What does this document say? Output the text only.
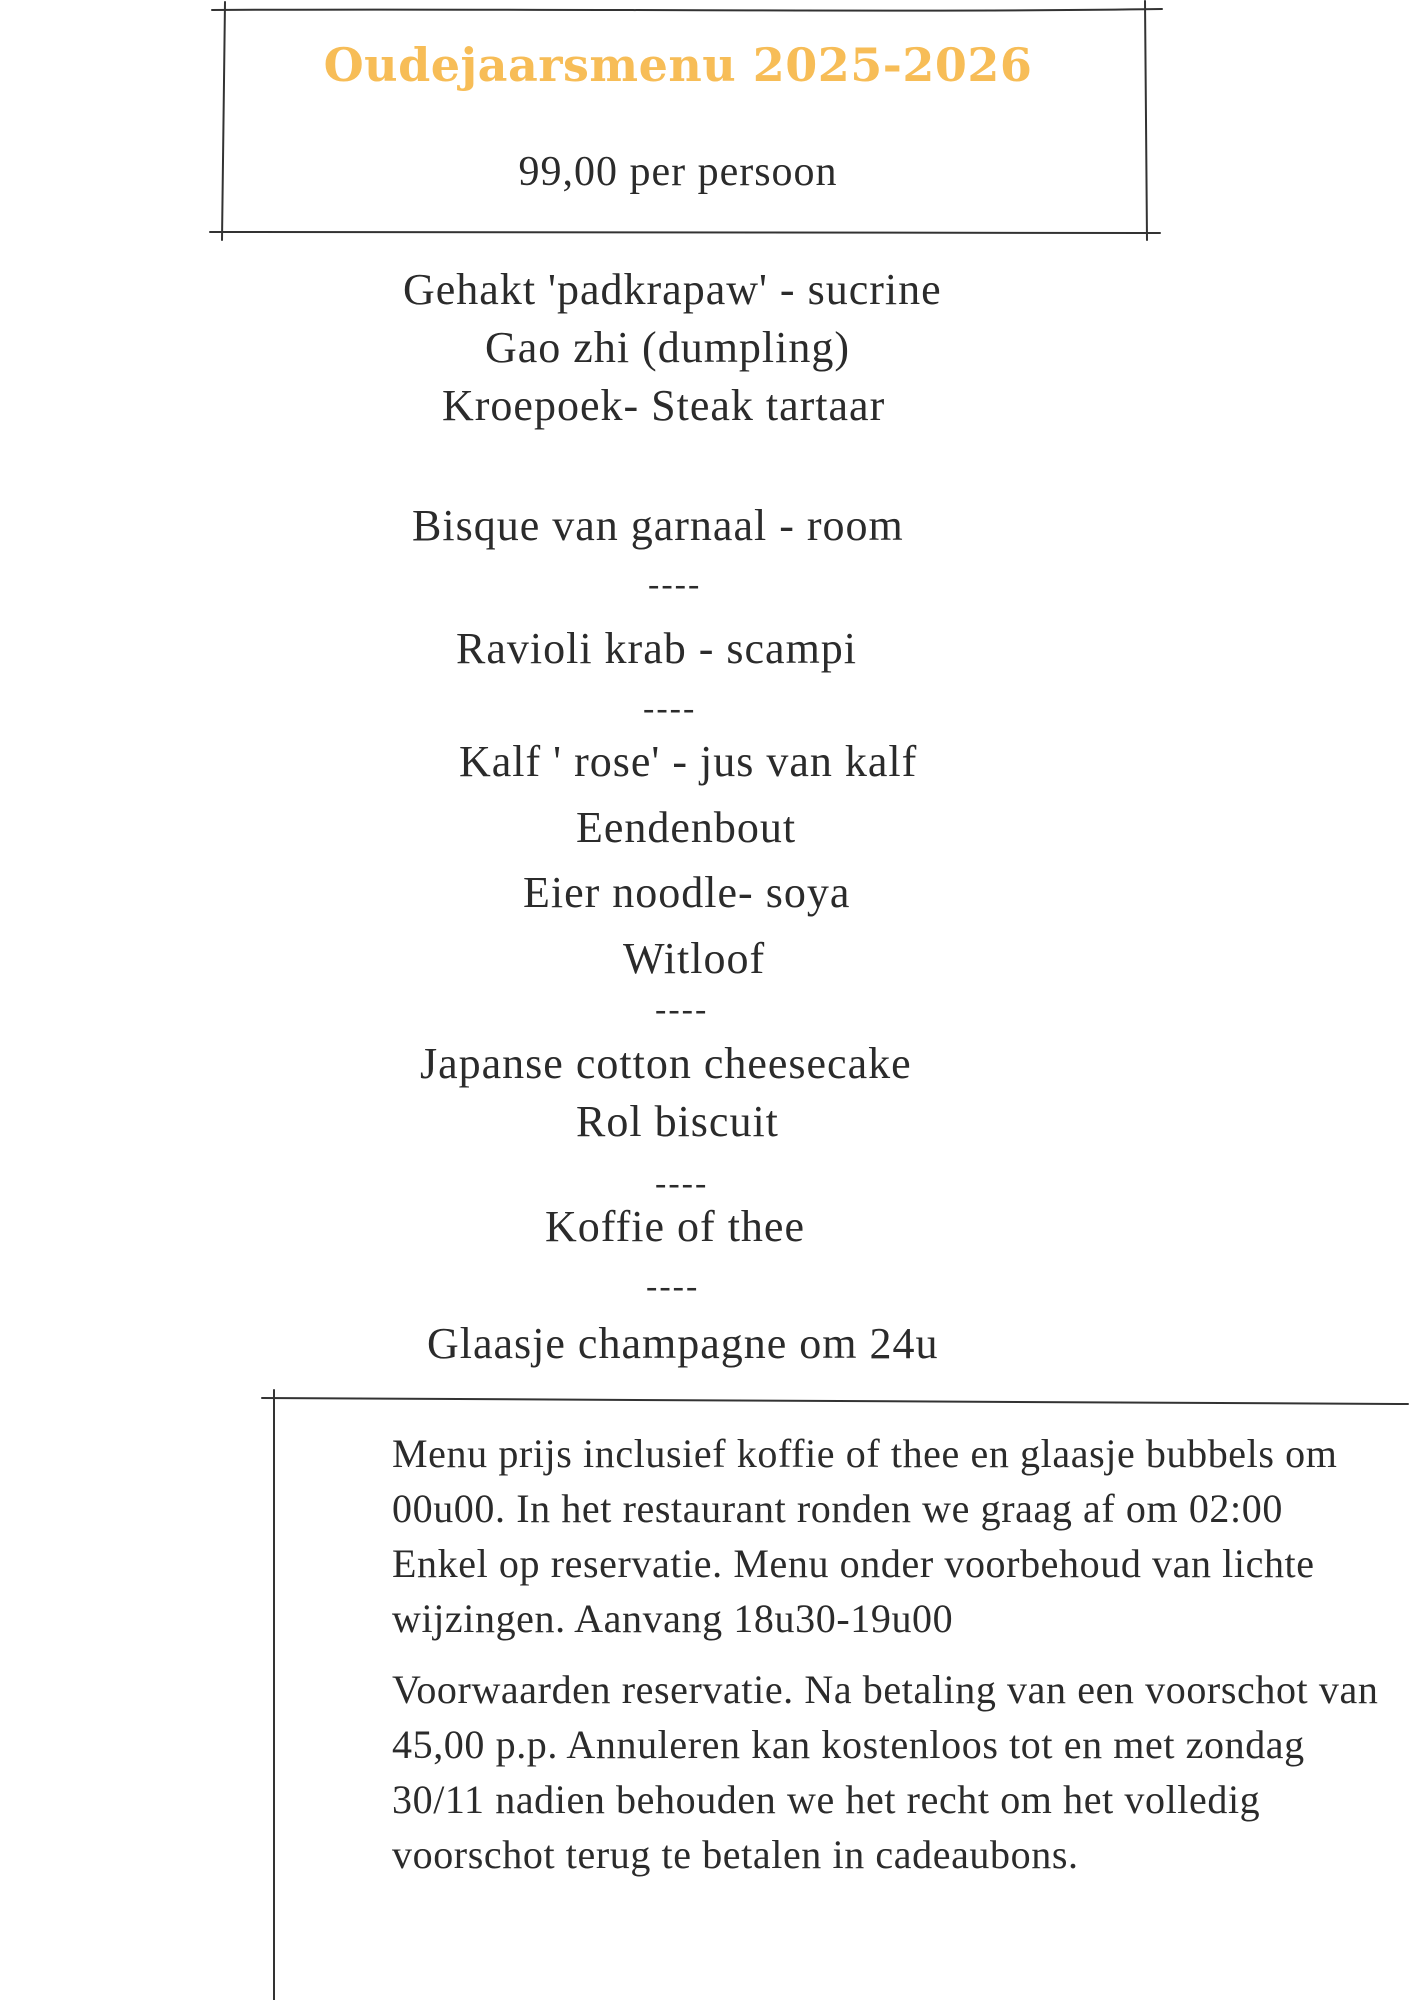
Oudejaarsmenu 2025-2026
99,00 per persoon
Gehakt 'padkrapaw' - sucrine
Gao zhi (dumpling)
Kroepoek- Steak tartaar
Bisque van garnaal - room
----
Ravioli krab - scampi
----
Kalf ' rose' - jus van kalf
Eendenbout
Eier noodle- soya
Witloof
----
Japanse cotton cheesecake
Rol biscuit
----
Koffie of thee
----
Glaasje champagne om 24u

Menu prijs inclusief koffie of thee en glaasje bubbels om 00u00. In het restaurant ronden we graag af om 02:00

Enkel op reservatie. Menu onder voorbehoud van lichte wijzingen. Aanvang 18u30-19u00

Voorwaarden reservatie. Na betaling van een voorschot van 45,00 p.p. Annuleren kan kostenloos tot en met zondag 30/11 nadien behouden we het recht om het volledig voorschot terug te betalen in cadeaubons.
